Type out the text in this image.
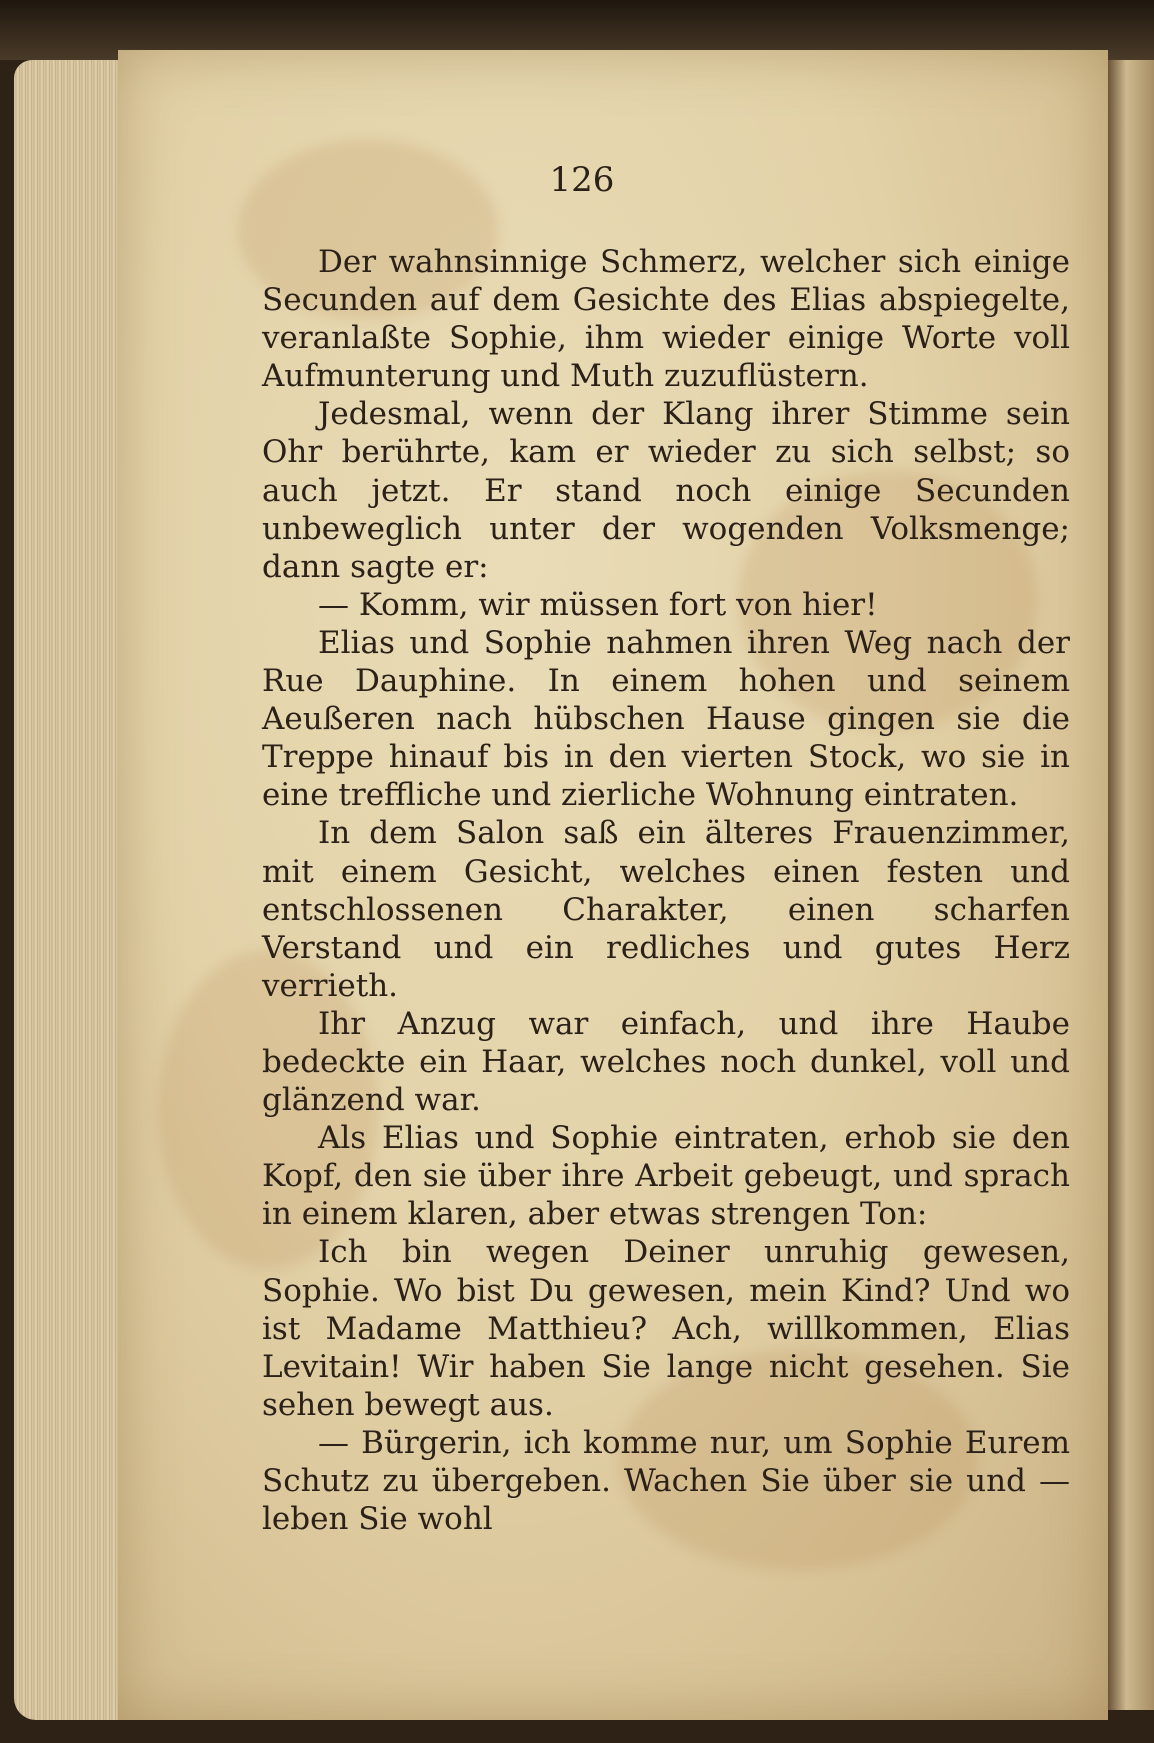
126

Der wahnsinnige Schmerz, welcher sich einige Secunden auf dem Gesichte des Elias abspiegelte, veranlaßte Sophie, ihm wieder einige Worte voll Aufmunterung und Muth zuzuflüstern.

Jedesmal, wenn der Klang ihrer Stimme sein Ohr berührte, kam er wieder zu sich selbst; so auch jetzt. Er stand noch einige Secunden unbeweglich unter der wogenden Volksmenge; dann sagte er:

— Komm, wir müssen fort von hier!

Elias und Sophie nahmen ihren Weg nach der Rue Dauphine. In einem hohen und seinem Aeußeren nach hübschen Hause gingen sie die Treppe hinauf bis in den vierten Stock, wo sie in eine treffliche und zierliche Wohnung eintraten.

In dem Salon saß ein älteres Frauenzimmer, mit einem Gesicht, welches einen festen und entschlossenen Charakter, einen scharfen Verstand und ein redliches und gutes Herz verrieth.

Ihr Anzug war einfach, und ihre Haube bedeckte ein Haar, welches noch dunkel, voll und glänzend war.

Als Elias und Sophie eintraten, erhob sie den Kopf, den sie über ihre Arbeit gebeugt, und sprach in einem klaren, aber etwas strengen Ton:

Ich bin wegen Deiner unruhig gewesen, Sophie. Wo bist Du gewesen, mein Kind? Und wo ist Madame Matthieu? Ach, willkommen, Elias Levitain! Wir haben Sie lange nicht gesehen. Sie sehen bewegt aus.

— Bürgerin, ich komme nur, um Sophie Eurem Schutz zu übergeben. Wachen Sie über sie und — leben Sie wohl
